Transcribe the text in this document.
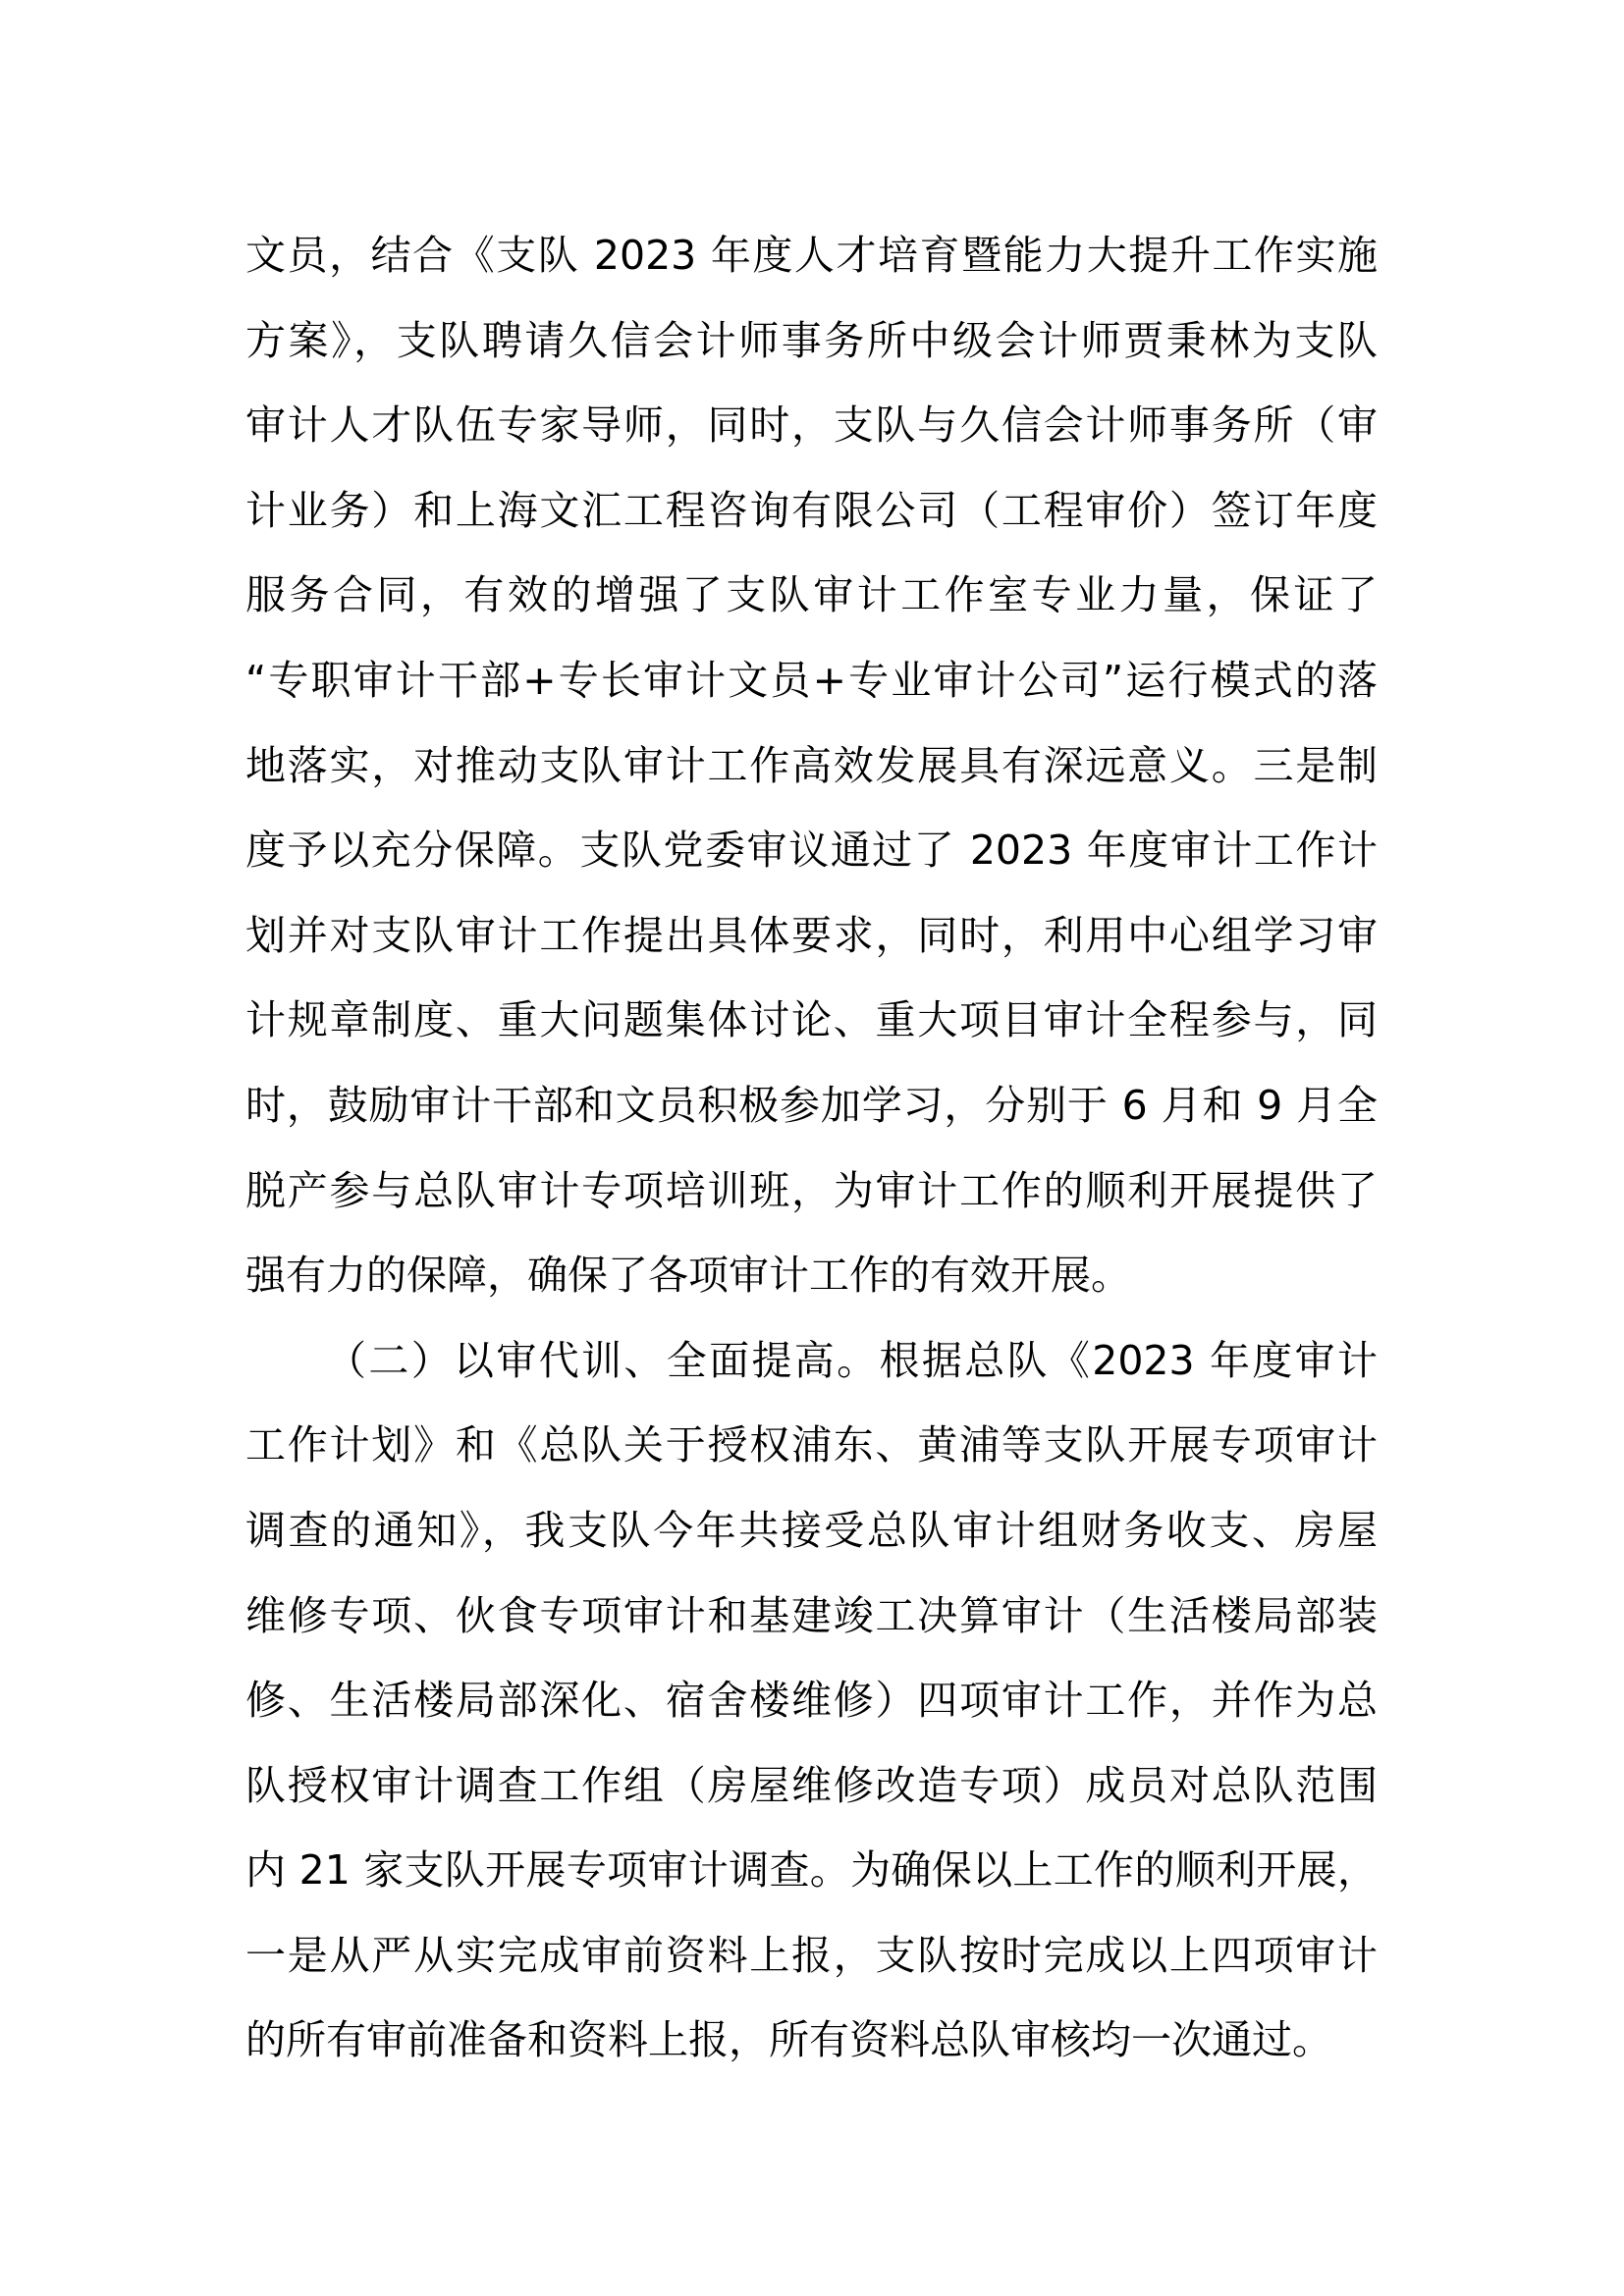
文员，结合《支队 2023 年度人才培育暨能力大提升工作实施
方案》，支队聘请久信会计师事务所中级会计师贾秉林为支队
审计人才队伍专家导师，同时，支队与久信会计师事务所（审
计业务）和上海文汇工程咨询有限公司（工程审价）签订年度
服务合同，有效的增强了支队审计工作室专业力量，保证了
“专职审计干部+专长审计文员+专业审计公司”运行模式的落
地落实，对推动支队审计工作高效发展具有深远意义。三是制
度予以充分保障。支队党委审议通过了 2023 年度审计工作计
划并对支队审计工作提出具体要求，同时，利用中心组学习审
计规章制度、重大问题集体讨论、重大项目审计全程参与，同
时，鼓励审计干部和文员积极参加学习，分别于 6 月和 9 月全
脱产参与总队审计专项培训班，为审计工作的顺利开展提供了
强有力的保障，确保了各项审计工作的有效开展。
（二）以审代训、全面提高。根据总队《2023 年度审计
工作计划》和《总队关于授权浦东、黄浦等支队开展专项审计
调查的通知》，我支队今年共接受总队审计组财务收支、房屋
维修专项、伙食专项审计和基建竣工决算审计（生活楼局部装
修、生活楼局部深化、宿舍楼维修）四项审计工作，并作为总
队授权审计调查工作组（房屋维修改造专项）成员对总队范围
内 21 家支队开展专项审计调查。为确保以上工作的顺利开展，
一是从严从实完成审前资料上报，支队按时完成以上四项审计
的所有审前准备和资料上报，所有资料总队审核均一次通过。
